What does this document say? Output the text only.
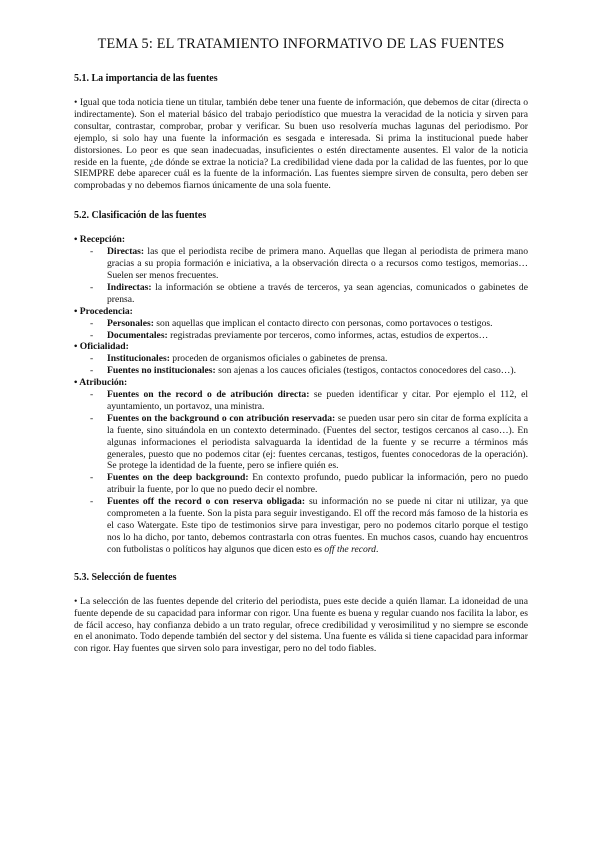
TEMA 5: EL TRATAMIENTO INFORMATIVO DE LAS FUENTES
5.1. La importancia de las fuentes

• Igual que toda noticia tiene un titular, también debe tener una fuente de información, que debemos de citar (directa o indirectamente). Son el material básico del trabajo periodístico que muestra la veracidad de la noticia y sirven para consultar, contrastar, comprobar, probar y verificar. Su buen uso resolvería muchas lagunas del periodismo. Por ejemplo, si solo hay una fuente la información es sesgada e interesada. Si prima la institucional puede haber distorsiones. Lo peor es que sean inadecuadas, insuficientes o estén directamente ausentes. El valor de la noticia reside en la fuente, ¿de dónde se extrae la noticia? La credibilidad viene dada por la calidad de las fuentes, por lo que SIEMPRE debe aparecer cuál es la fuente de la información. Las fuentes siempre sirven de consulta, pero deben ser comprobadas y no debemos fiarnos únicamente de una sola fuente.

5.2. Clasificación de las fuentes
• Recepción:
- Directas: las que el periodista recibe de primera mano. Aquellas que llegan al periodista de primera mano gracias a su propia formación e iniciativa, a la observación directa o a recursos como testigos, memorias… Suelen ser menos frecuentes.
- Indirectas: la información se obtiene a través de terceros, ya sean agencias, comunicados o gabinetes de prensa.
• Procedencia:
- Personales: son aquellas que implican el contacto directo con personas, como portavoces o testigos.
- Documentales: registradas previamente por terceros, como informes, actas, estudios de expertos…
• Oficialidad:
- Institucionales: proceden de organismos oficiales o gabinetes de prensa.
- Fuentes no institucionales: son ajenas a los cauces oficiales (testigos, contactos conocedores del caso…).
• Atribución:
- Fuentes on the record o de atribución directa: se pueden identificar y citar. Por ejemplo el 112, el ayuntamiento, un portavoz, una ministra.
- Fuentes on the background o con atribución reservada: se pueden usar pero sin citar de forma explícita a la fuente, sino situándola en un contexto determinado. (Fuentes del sector, testigos cercanos al caso…). En algunas informaciones el periodista salvaguarda la identidad de la fuente y se recurre a términos más generales, puesto que no podemos citar (ej: fuentes cercanas, testigos, fuentes conocedoras de la operación). Se protege la identidad de la fuente, pero se infiere quién es.
- Fuentes on the deep background: En contexto profundo, puedo publicar la información, pero no puedo atribuir la fuente, por lo que no puedo decir el nombre.
- Fuentes off the record o con reserva obligada: su información no se puede ni citar ni utilizar, ya que comprometen a la fuente. Son la pista para seguir investigando. El off the record más famoso de la historia es el caso Watergate. Este tipo de testimonios sirve para investigar, pero no podemos citarlo porque el testigo nos lo ha dicho, por tanto, debemos contrastarla con otras fuentes. En muchos casos, cuando hay encuentros con futbolistas o políticos hay algunos que dicen esto es off the record.
5.3. Selección de fuentes

• La selección de las fuentes depende del criterio del periodista, pues este decide a quién llamar. La idoneidad de una fuente depende de su capacidad para informar con rigor. Una fuente es buena y regular cuando nos facilita la labor, es de fácil acceso, hay confianza debido a un trato regular, ofrece credibilidad y verosimilitud y no siempre se esconde en el anonimato. Todo depende también del sector y del sistema. Una fuente es válida si tiene capacidad para informar con rigor. Hay fuentes que sirven solo para investigar, pero no del todo fiables.
